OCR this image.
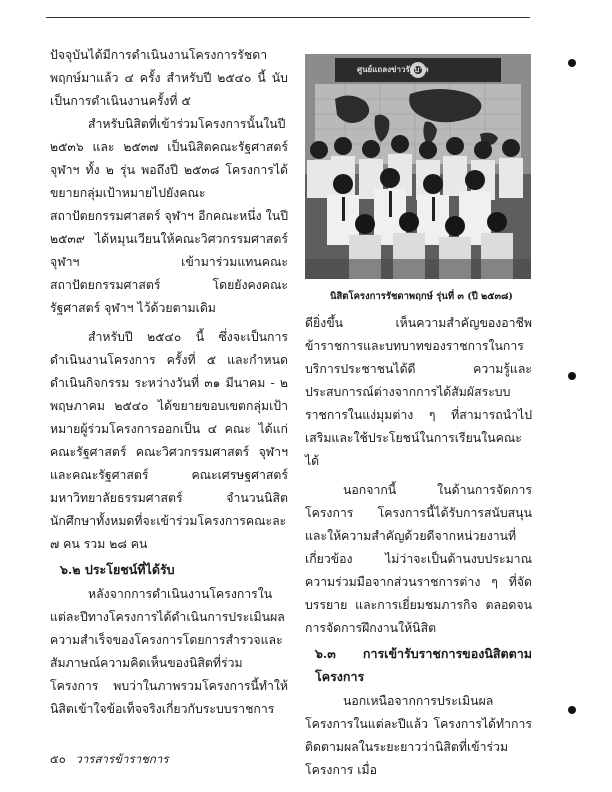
ปัจจุบันได้มีการดำเนินงานโครงการรัชดาพฤกษ์มาแล้ว ๔ ครั้ง สำหรับปี ๒๕๔๐ นี้ นับเป็นการดำเนินงานครั้งที่ ๕

สำหรับนิสิตที่เข้าร่วมโครงการนั้นในปี ๒๕๓๖ และ ๒๕๓๗ เป็นนิสิตคณะรัฐศาสตร์ จุฬาฯ ทั้ง ๒ รุ่น พอถึงปี ๒๕๓๘ โครงการได้ขยายกลุ่มเป้าหมายไปยังคณะสถาปัตยกรรมศาสตร์ จุฬาฯ อีกคณะหนึ่ง ในปี ๒๕๓๙ ได้หมุนเวียนให้คณะวิศวกรรมศาสตร์ จุฬาฯ เข้ามาร่วมแทนคณะสถาปัตยกรรมศาสตร์ โดยยังคงคณะรัฐศาสตร์ จุฬาฯ ไว้ด้วยตามเดิม

สำหรับปี ๒๕๔๐ นี้ ซึ่งจะเป็นการดำเนินงานโครงการ ครั้งที่ ๕ และกำหนดดำเนินกิจกรรม ระหว่างวันที่ ๓๑ มีนาคม - ๒ พฤษภาคม ๒๕๔๐ ได้ขยายขอบเขตกลุ่มเป้าหมายผู้ร่วมโครงการออกเป็น ๔ คณะ ได้แก่ คณะรัฐศาสตร์ คณะวิศวกรรมศาสตร์ จุฬาฯ และคณะรัฐศาสตร์ คณะเศรษฐศาสตร์ มหาวิทยาลัยธรรมศาสตร์ จำนวนนิสิตนักศึกษาทั้งหมดที่จะเข้าร่วมโครงการคณะละ ๗ คน รวม ๒๘ คน

๖.๒ ประโยชน์ที่ได้รับ

หลังจากการดำเนินงานโครงการในแต่ละปีทางโครงการได้ดำเนินการประเมินผลความสำเร็จของโครงการโดยการสำรวจและสัมภาษณ์ความคิดเห็นของนิสิตที่ร่วมโครงการ พบว่าในภาพรวมโครงการนี้ทำให้นิสิตเข้าใจข้อเท็จจริงเกี่ยวกับระบบราชการ

ศูนย์แถลงข่าวรัฐบาล
นิสิตโครงการรัชดาพฤกษ์ รุ่นที่ ๓ (ปี ๒๕๓๘)

ดียิ่งขึ้น เห็นความสำคัญของอาชีพข้าราชการและบทบาทของราชการในการบริการประชาชนได้ดี ความรู้และประสบการณ์ต่างจากการได้สัมผัสระบบราชการในแง่มุมต่าง ๆ ที่สามารถนำไปเสริมและใช้ประโยชน์ในการเรียนในคณะได้

นอกจากนี้ ในด้านการจัดการโครงการ โครงการนี้ได้รับการสนับสนุนและให้ความสำคัญด้วยดีจากหน่วยงานที่เกี่ยวข้อง ไม่ว่าจะเป็นด้านงบประมาณ ความร่วมมือจากส่วนราชการต่าง ๆ ที่จัดบรรยาย และการเยี่ยมชมภารกิจ ตลอดจนการจัดการฝึกงานให้นิสิต

๖.๓ การเข้ารับราชการของนิสิตตามโครงการ

นอกเหนือจากการประเมินผลโครงการในแต่ละปีแล้ว โครงการได้ทำการติดตามผลในระยะยาวว่านิสิตที่เข้าร่วมโครงการ เมื่อ

๕๐ วารสารข้าราชการ
